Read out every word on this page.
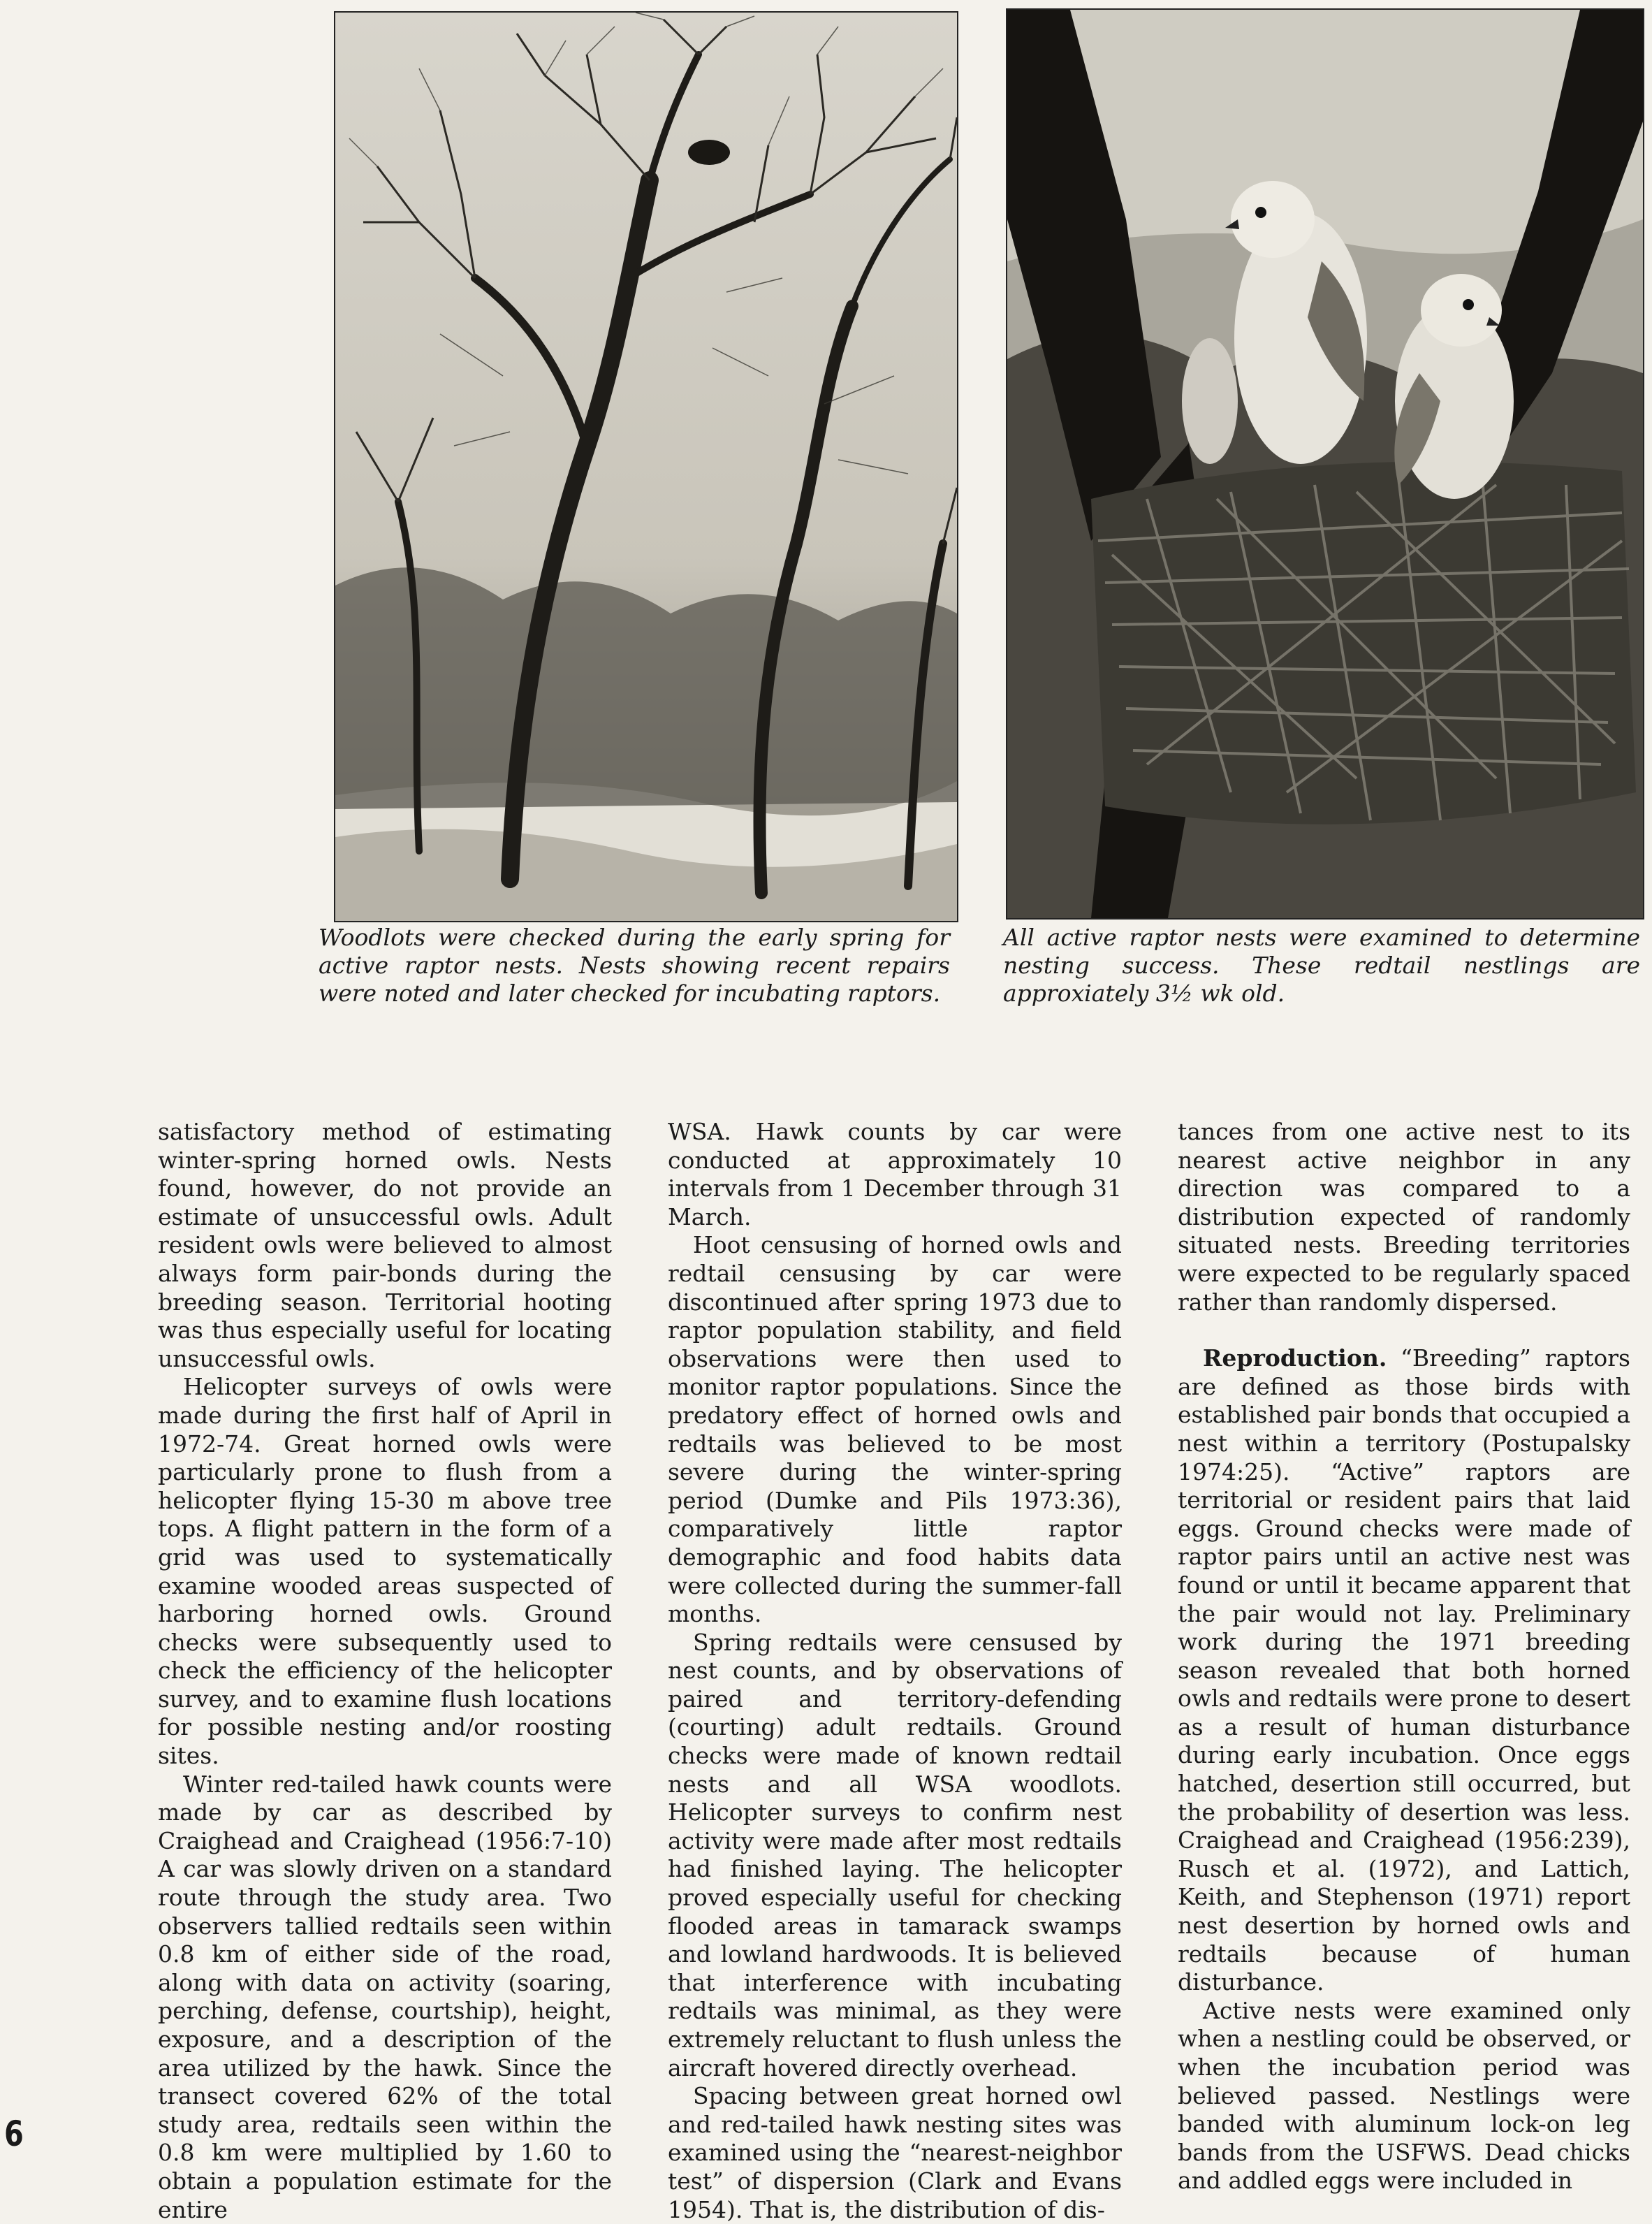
Woodlots were checked during the early spring for active raptor nests. Nests showing recent repairs were noted and later checked for incubating raptors.
All active raptor nests were examined to determine nesting success. These redtail nestlings are approxiately 3½ wk old.

satisfactory method of estimating winter-spring horned owls. Nests found, however, do not provide an estimate of unsuccessful owls. Adult resident owls were believed to almost always form pair-bonds during the breeding season. Territorial hooting was thus especially useful for locating unsuccessful owls.

Helicopter surveys of owls were made during the first half of April in 1972-74. Great horned owls were particularly prone to flush from a helicopter flying 15-30 m above tree tops. A flight pattern in the form of a grid was used to systematically examine wooded areas suspected of harboring horned owls. Ground checks were subsequently used to check the efficiency of the helicopter survey, and to examine flush locations for possible nesting and/or roosting sites.

Winter red-tailed hawk counts were made by car as described by Craighead and Craighead (1956:7-10) A car was slowly driven on a standard route through the study area. Two observers tallied redtails seen within 0.8 km of either side of the road, along with data on activity (soaring, perching, defense, courtship), height, exposure, and a description of the area utilized by the hawk. Since the transect covered 62% of the total study area, redtails seen within the 0.8 km were multiplied by 1.60 to obtain a population estimate for the entire

WSA. Hawk counts by car were conducted at approximately 10 intervals from 1 December through 31 March.

Hoot censusing of horned owls and redtail censusing by car were discontinued after spring 1973 due to raptor population stability, and field observations were then used to monitor raptor populations. Since the predatory effect of horned owls and redtails was believed to be most severe during the winter-spring period (Dumke and Pils 1973:36), comparatively little raptor demographic and food habits data were collected during the summer-fall months.

Spring redtails were censused by nest counts, and by observations of paired and territory-defending (courting) adult redtails. Ground checks were made of known redtail nests and all WSA woodlots. Helicopter surveys to confirm nest activity were made after most redtails had finished laying. The helicopter proved especially useful for checking flooded areas in tamarack swamps and lowland hardwoods. It is believed that interference with incubating redtails was minimal, as they were extremely reluctant to flush unless the aircraft hovered directly overhead.

Spacing between great horned owl and red-tailed hawk nesting sites was examined using the “nearest-neighbor test” of dispersion (Clark and Evans 1954). That is, the distribution of dis-

tances from one active nest to its nearest active neighbor in any direction was compared to a distribution expected of randomly situated nests. Breeding territories were expected to be regularly spaced rather than randomly dispersed.

Reproduction. “Breeding” raptors are defined as those birds with established pair bonds that occupied a nest within a territory (Postupalsky 1974:25). “Active” raptors are territorial or resident pairs that laid eggs. Ground checks were made of raptor pairs until an active nest was found or until it became apparent that the pair would not lay. Preliminary work during the 1971 breeding season revealed that both horned owls and redtails were prone to desert as a result of human disturbance during early incubation. Once eggs hatched, desertion still occurred, but the probability of desertion was less. Craighead and Craighead (1956:239), Rusch et al. (1972), and Lattich, Keith, and Stephenson (1971) report nest desertion by horned owls and redtails because of human disturbance.

Active nests were examined only when a nestling could be observed, or when the incubation period was believed passed. Nestlings were banded with aluminum lock-on leg bands from the USFWS. Dead chicks and addled eggs were included in

6
